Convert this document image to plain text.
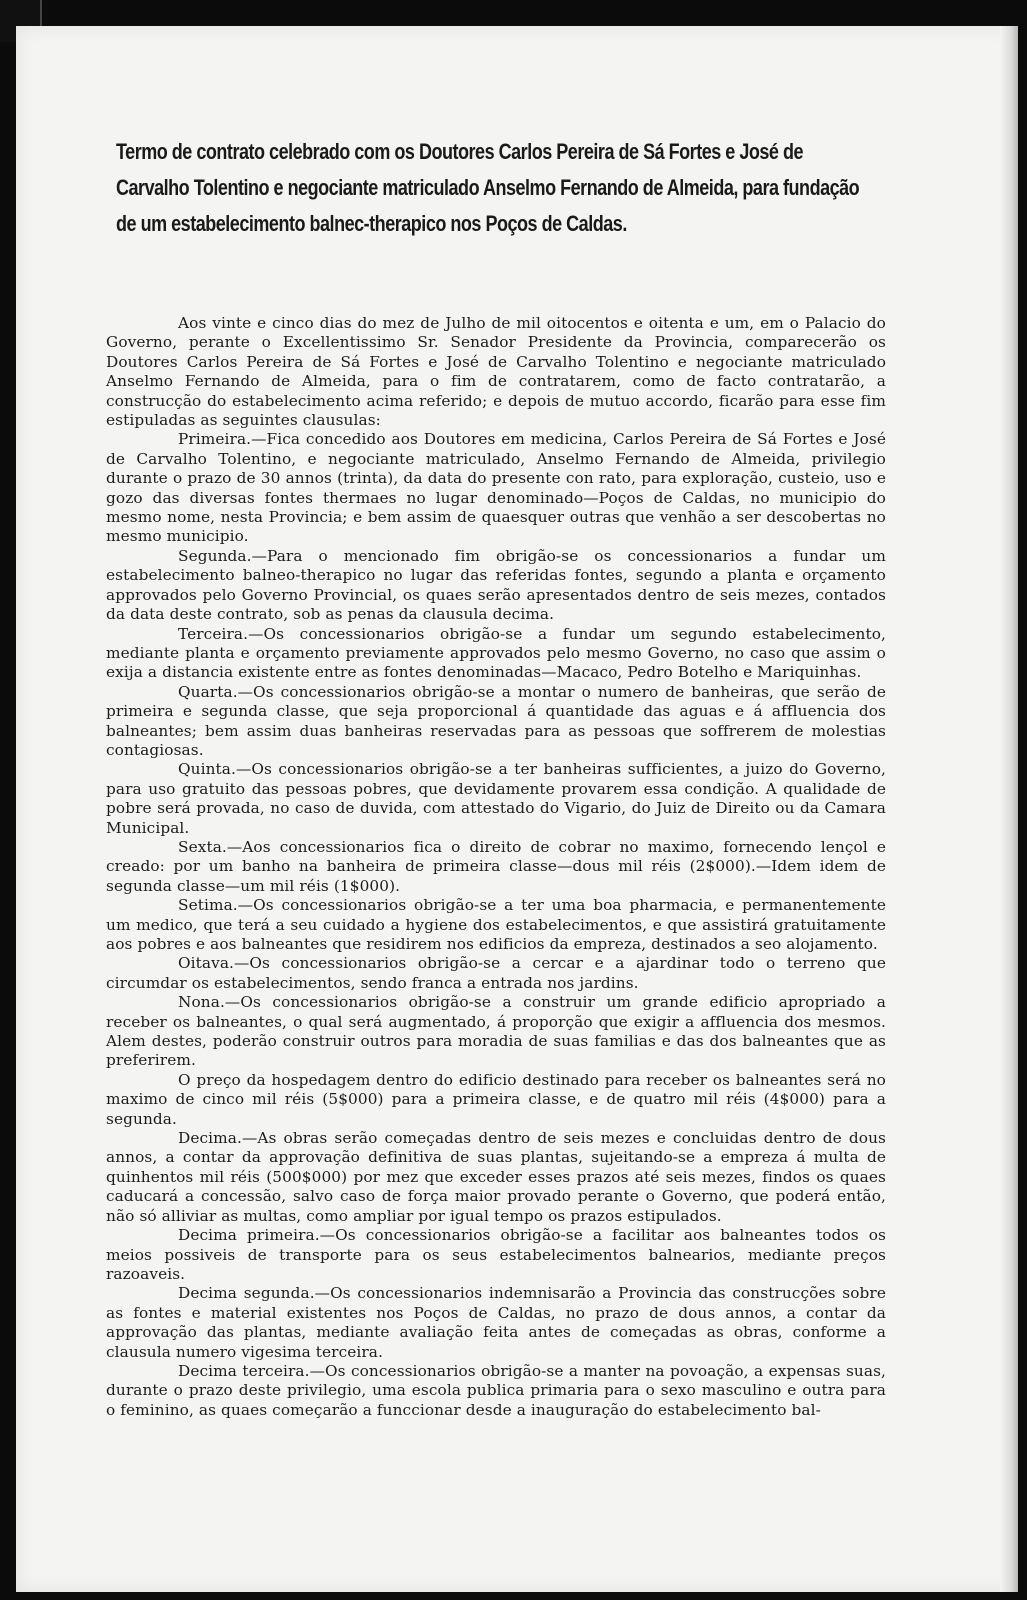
Termo de contrato celebrado com os Doutores Carlos Pereira de Sá Fortes e José de Carvalho Tolentino e negociante matriculado Anselmo Fernando de Almeida, para fundação de um estabelecimento balnec-therapico nos Poços de Caldas.

Aos vinte e cinco dias do mez de Julho de mil oitocentos e oitenta e um, em o Palacio do Governo, perante o Excellentissimo Sr. Senador Presidente da Provincia, comparecerão os Doutores Carlos Pereira de Sá Fortes e José de Carvalho Tolentino e negociante matriculado Anselmo Fernando de Almeida, para o fim de contratarem, como de facto contratarão, a construcção do estabelecimento acima referido; e depois de mutuo accordo, ficarão para esse fim estipuladas as seguintes clausulas:

Primeira.—Fica concedido aos Doutores em medicina, Carlos Pereira de Sá Fortes e José de Carvalho Tolentino, e negociante matriculado, Anselmo Fernando de Almeida, privilegio durante o prazo de 30 annos (trinta), da data do presente con rato, para exploração, custeio, uso e gozo das diversas fontes thermaes no lugar denominado—Poços de Caldas, no municipio do mesmo nome, nesta Provincia; e bem assim de quaesquer outras que venhão a ser descobertas no mesmo municipio.

Segunda.—Para o mencionado fim obrigão-se os concessionarios a fundar um estabelecimento balneo-therapico no lugar das referidas fontes, segundo a planta e orçamento approvados pelo Governo Provincial, os quaes serão apresentados dentro de seis mezes, contados da data deste contrato, sob as penas da clausula decima.

Terceira.—Os concessionarios obrigão-se a fundar um segundo estabelecimento, mediante planta e orçamento previamente approvados pelo mesmo Governo, no caso que assim o exija a distancia existente entre as fontes denominadas—Macaco, Pedro Botelho e Mariquinhas.

Quarta.—Os concessionarios obrigão-se a montar o numero de banheiras, que serão de primeira e segunda classe, que seja proporcional á quantidade das aguas e á affluencia dos balneantes; bem assim duas banheiras reservadas para as pessoas que soffrerem de molestias contagiosas.

Quinta.—Os concessionarios obrigão-se a ter banheiras sufficientes, a juizo do Governo, para uso gratuito das pessoas pobres, que devidamente provarem essa condição. A qualidade de pobre será provada, no caso de duvida, com attestado do Vigario, do Juiz de Direito ou da Camara Municipal.

Sexta.—Aos concessionarios fica o direito de cobrar no maximo, fornecendo lençol e creado: por um banho na banheira de primeira classe—dous mil réis (2$000).—Idem idem de segunda classe—um mil réis (1$000).

Setima.—Os concessionarios obrigão-se a ter uma boa pharmacia, e permanentemente um medico, que terá a seu cuidado a hygiene dos estabelecimentos, e que assistirá gratuitamente aos pobres e aos balneantes que residirem nos edificios da empreza, destinados a seo alojamento.

Oitava.—Os concessionarios obrigão-se a cercar e a ajardinar todo o terreno que circumdar os estabelecimentos, sendo franca a entrada nos jardins.

Nona.—Os concessionarios obrigão-se a construir um grande edificio apropriado a receber os balneantes, o qual será augmentado, á proporção que exigir a affluencia dos mesmos. Alem destes, poderão construir outros para moradia de suas familias e das dos balneantes que as preferirem.

O preço da hospedagem dentro do edificio destinado para receber os balneantes será no maximo de cinco mil réis (5$000) para a primeira classe, e de quatro mil réis (4$000) para a segunda.

Decima.—As obras serão começadas dentro de seis mezes e concluidas dentro de dous annos, a contar da approvação definitiva de suas plantas, sujeitando-se a empreza á multa de quinhentos mil réis (500$000) por mez que exceder esses prazos até seis mezes, findos os quaes caducará a concessão, salvo caso de força maior provado perante o Governo, que poderá então, não só alliviar as multas, como ampliar por igual tempo os prazos estipulados.

Decima primeira.—Os concessionarios obrigão-se a facilitar aos balneantes todos os meios possiveis de transporte para os seus estabelecimentos balnearios, mediante preços razoaveis.

Decima segunda.—Os concessionarios indemnisarão a Provincia das construcções sobre as fontes e material existentes nos Poços de Caldas, no prazo de dous annos, a contar da approvação das plantas, mediante avaliação feita antes de começadas as obras, conforme a clausula numero vigesima terceira.

Decima terceira.—Os concessionarios obrigão-se a manter na povoação, a expensas suas, durante o prazo deste privilegio, uma escola publica primaria para o sexo masculino e outra para o feminino, as quaes começarão a funccionar desde a inauguração do estabelecimento bal-
